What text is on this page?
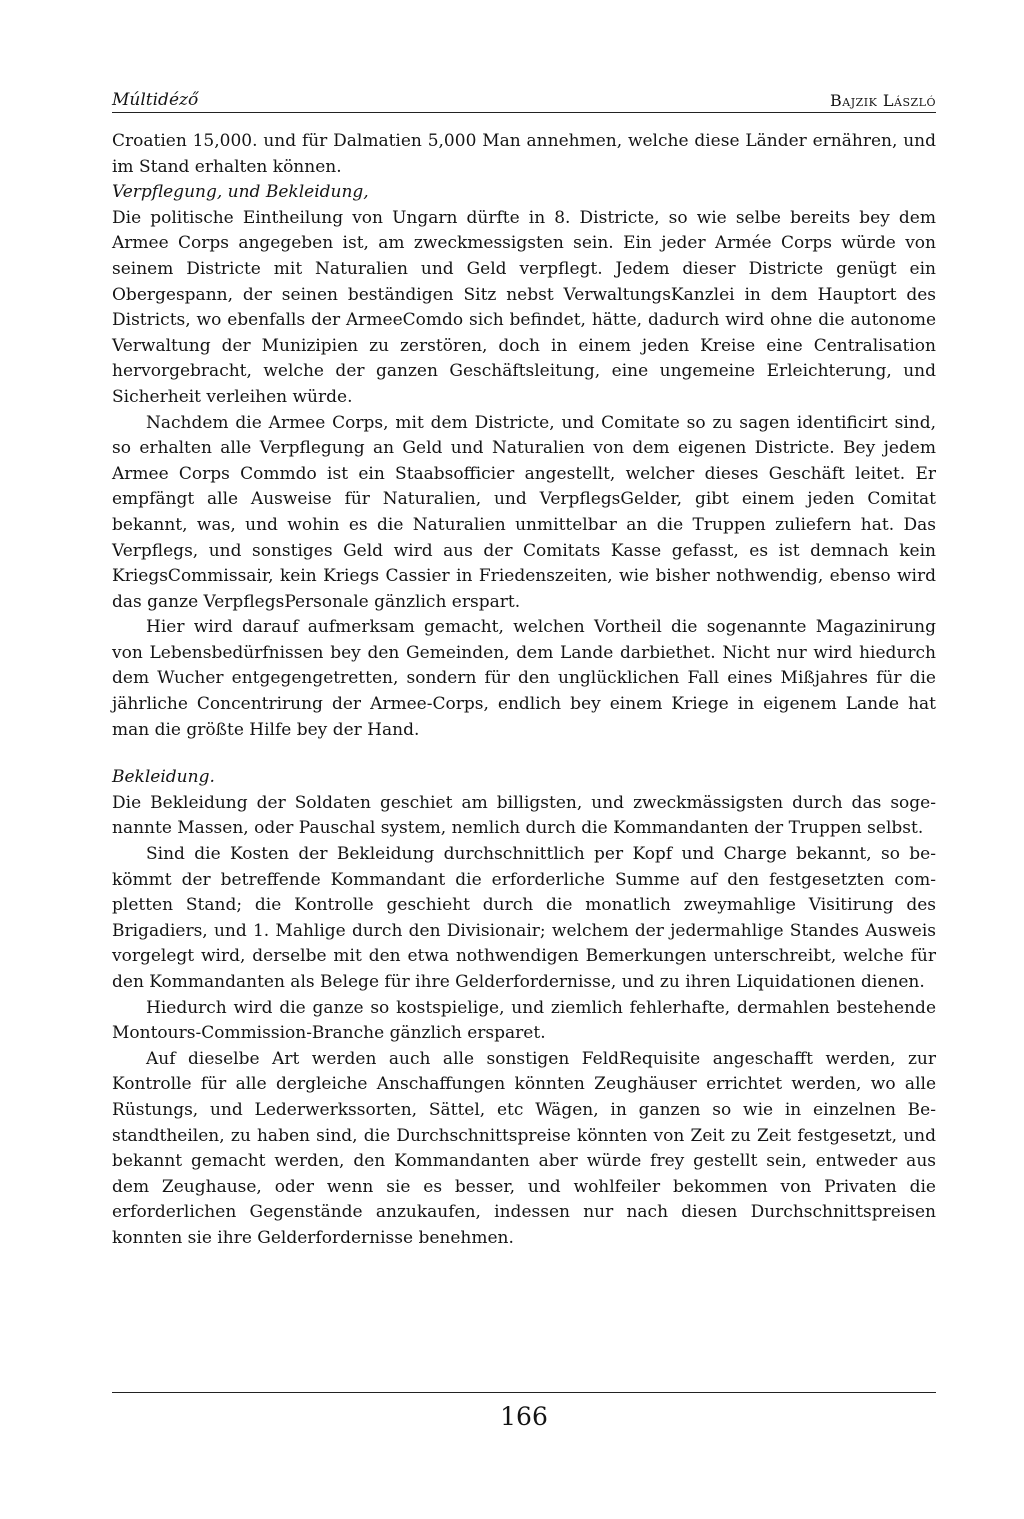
Múltidéző	Bajzik László

Croatien 15,000. und für Dalmatien 5,000 Man annehmen, welche diese Länder ernähren, und im Stand erhalten können.

Verpflegung, und Bekleidung,

Die politische Eintheilung von Ungarn dürfte in 8. Districte, so wie selbe bereits bey dem Armee Corps angegeben ist, am zweckmessigsten sein. Ein jeder Armée Corps würde von seinem Districte mit Naturalien und Geld verpflegt. Jedem dieser Districte genügt ein Obergespann, der seinen beständigen Sitz nebst VerwaltungsKanzlei in dem Hauptort des Districts, wo ebenfalls der ArmeeComdo sich befindet, hätte, dadurch wird ohne die autonome Verwaltung der Munizipien zu zerstören, doch in einem jeden Kreise eine Centralisation hervorgebracht, welche der ganzen Geschäftsleitung, eine ungemeine Erleichterung, und Sicherheit verleihen würde.

Nachdem die Armee Corps, mit dem Districte, und Comitate so zu sagen identificirt sind, so erhalten alle Verpflegung an Geld und Naturalien von dem eigenen Districte. Bey jedem Armee Corps Commdo ist ein Staabsofficier angestellt, welcher dieses Geschäft leitet. Er empfängt alle Ausweise für Naturalien, und VerpflegsGelder, gibt einem jeden Comitat bekannt, was, und wohin es die Naturalien unmittelbar an die Truppen zuliefern hat. Das Verpflegs, und sonstiges Geld wird aus der Comitats Kasse gefasst, es ist demnach kein KriegsCommissair, kein Kriegs Cassier in Friedenszeiten, wie bisher nothwendig, ebenso wird das ganze VerpflegsPersonale gänzlich erspart.

Hier wird darauf aufmerksam gemacht, welchen Vortheil die sogenannte Magazinirung von Lebensbedürfnissen bey den Gemeinden, dem Lande darbiethet. Nicht nur wird hiedurch dem Wucher entgegengetretten, sondern für den unglücklichen Fall eines Mißjahres für die jährliche Concentrirung der Armee-Corps, endlich bey einem Kriege in eigenem Lande hat man die größte Hilfe bey der Hand.

Bekleidung.

Die Bekleidung der Soldaten geschiet am billigsten, und zweckmässigsten durch das sogenannte Massen, oder Pauschal system, nemlich durch die Kommandanten der Truppen selbst.

Sind die Kosten der Bekleidung durchschnittlich per Kopf und Charge bekannt, so bekömmt der betreffende Kommandant die erforderliche Summe auf den festgesetzten completten Stand; die Kontrolle geschieht durch die monatlich zweymahlige Visitirung des Brigadiers, und 1. Mahlige durch den Divisionair; welchem der jedermahlige Standes Ausweis vorgelegt wird, derselbe mit den etwa nothwendigen Bemerkungen unterschreibt, welche für den Kommandanten als Belege für ihre Gelderfordernisse, und zu ihren Liquidationen dienen.

Hiedurch wird die ganze so kostspielige, und ziemlich fehlerhafte, dermahlen bestehende Montours-Commission-Branche gänzlich ersparet.

Auf dieselbe Art werden auch alle sonstigen FeldRequisite angeschafft werden, zur Kontrolle für alle dergleiche Anschaffungen könnten Zeughäuser errichtet werden, wo alle Rüstungs, und Lederwerkssorten, Sättel, etc Wägen, in ganzen so wie in einzelnen Bestandtheilen, zu haben sind, die Durchschnittspreise könnten von Zeit zu Zeit festgesetzt, und bekannt gemacht werden, den Kommandanten aber würde frey gestellt sein, entweder aus dem Zeughause, oder wenn sie es besser, und wohlfeiler bekommen von Privaten die erforderlichen Gegenstände anzukaufen, indessen nur nach diesen Durchschnittspreisen konnten sie ihre Gelderfordernisse benehmen.

166
